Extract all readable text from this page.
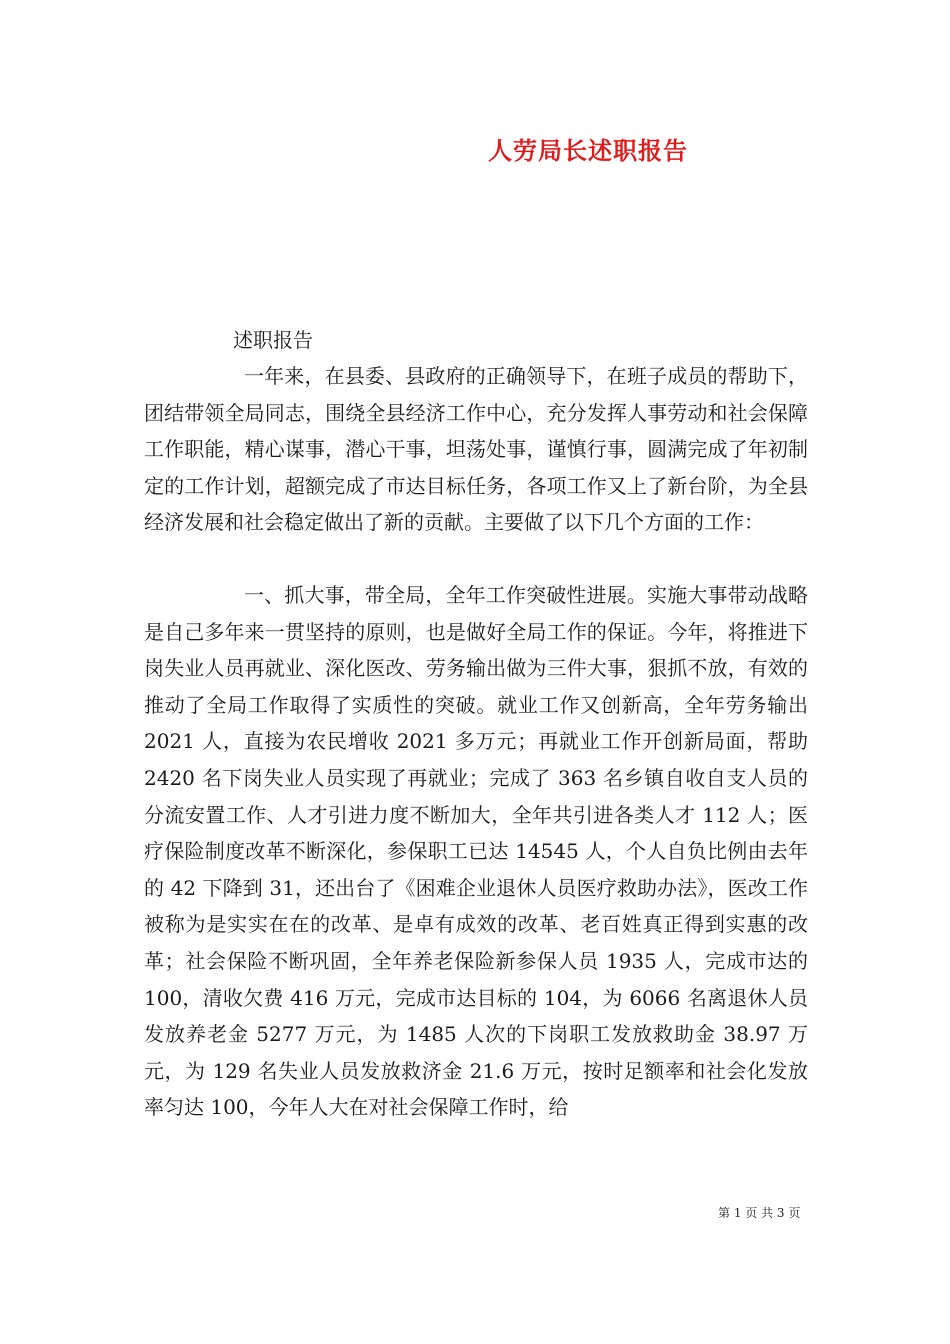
人劳局长述职报告

述职报告

一年来，在县委、县政府的正确领导下，在班子成员的帮助下，团结带领全局同志，围绕全县经济工作中心，充分发挥人事劳动和社会保障工作职能，精心谋事，潜心干事，坦荡处事，谨慎行事，圆满完成了年初制定的工作计划，超额完成了市达目标任务，各项工作又上了新台阶，为全县经济发展和社会稳定做出了新的贡献。主要做了以下几个方面的工作：

一、抓大事，带全局，全年工作突破性进展。实施大事带动战略是自己多年来一贯坚持的原则，也是做好全局工作的保证。今年，将推进下岗失业人员再就业、深化医改、劳务输出做为三件大事，狠抓不放，有效的推动了全局工作取得了实质性的突破。就业工作又创新高，全年劳务输出 2021 人，直接为农民增收 2021 多万元；再就业工作开创新局面，帮助 2420 名下岗失业人员实现了再就业；完成了 363 名乡镇自收自支人员的分流安置工作、人才引进力度不断加大，全年共引进各类人才 112 人；医疗保险制度改革不断深化，参保职工已达 14545 人，个人自负比例由去年的 42 下降到 31，还出台了《困难企业退休人员医疗救助办法》，医改工作被称为是实实在在的改革、是卓有成效的改革、老百姓真正得到实惠的改革；社会保险不断巩固，全年养老保险新参保人员 1935 人，完成市达的 100，清收欠费 416 万元，完成市达目标的 104，为 6066 名离退休人员发放养老金 5277 万元，为 1485 人次的下岗职工发放救助金 38.97 万元，为 129 名失业人员发放救济金 21.6 万元，按时足额率和社会化发放率匀达 100，今年人大在对社会保障工作时，给

第 1 页 共 3 页
